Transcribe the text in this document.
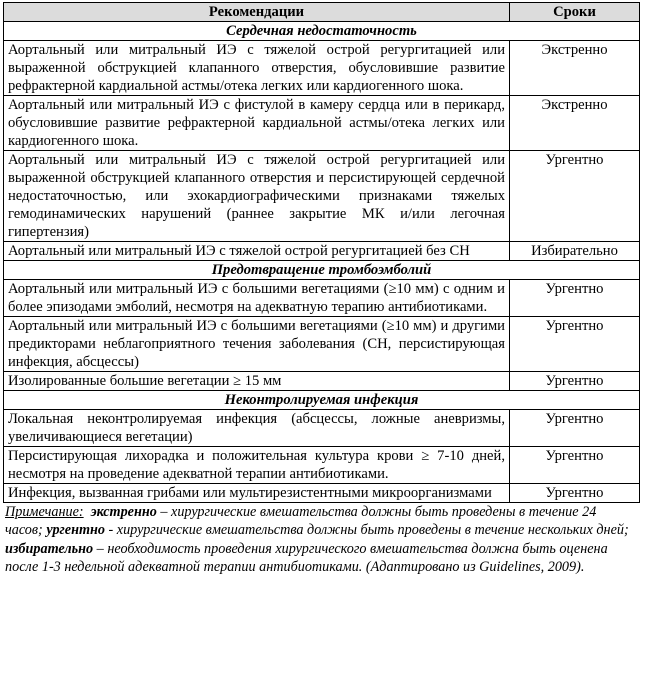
Рекомендации	Сроки
Сердечная недостаточность	
Аортальный или митральный ИЭ с тяжелой острой регургитацией или выраженной обструкцией клапанного отверстия, обусловившие развитие рефрактерной кардиальной астмы/отека легких или кардиогенного шока.	Экстренно
Аортальный или митральный ИЭ с фистулой в камеру сердца или в перикард, обусловившие развитие рефрактерной кардиальной астмы/отека легких или кардиогенного шока.	Экстренно
Аортальный или митральный ИЭ с тяжелой острой регургитацией или выраженной обструкцией клапанного отверстия и персистирующей сердечной недостаточностью, или эхокардиографическими признаками тяжелых гемодинамических нарушений (раннее закрытие МК и/или легочная гипертензия)	Ургентно
Аортальный или митральный ИЭ с тяжелой острой регургитацией без СН	Избирательно
Предотвращение тромбоэмболий	
Аортальный или митральный ИЭ с большими вегетациями (≥10 мм) с одним и более эпизодами эмболий, несмотря на адекватную терапию антибиотиками.	Ургентно
Аортальный или митральный ИЭ с большими вегетациями (≥10 мм) и другими предикторами неблагоприятного течения заболевания (СН, персистирующая инфекция, абсцессы)	Ургентно
Изолированные большие вегетации ≥ 15 мм	Ургентно
Неконтролируемая инфекция	
Локальная неконтролируемая инфекция (абсцессы, ложные аневризмы, увеличивающиеся вегетации)	Ургентно
Персистирующая лихорадка и положительная культура крови ≥ 7-10 дней, несмотря на проведение адекватной терапии антибиотиками.	Ургентно
Инфекция, вызванная грибами или мультирезистентными микроорганизмами	Ургентно

Примечание: экстренно – хирургические вмешательства должны быть проведены в течение 24 часов; ургентно - хирургические вмешательства должны быть проведены в течение нескольких дней; избирательно – необходимость проведения хирургического вмешательства должна быть оценена после 1-3 недельной адекватной терапии антибиотиками. (Адаптировано из Guidelines, 2009).
